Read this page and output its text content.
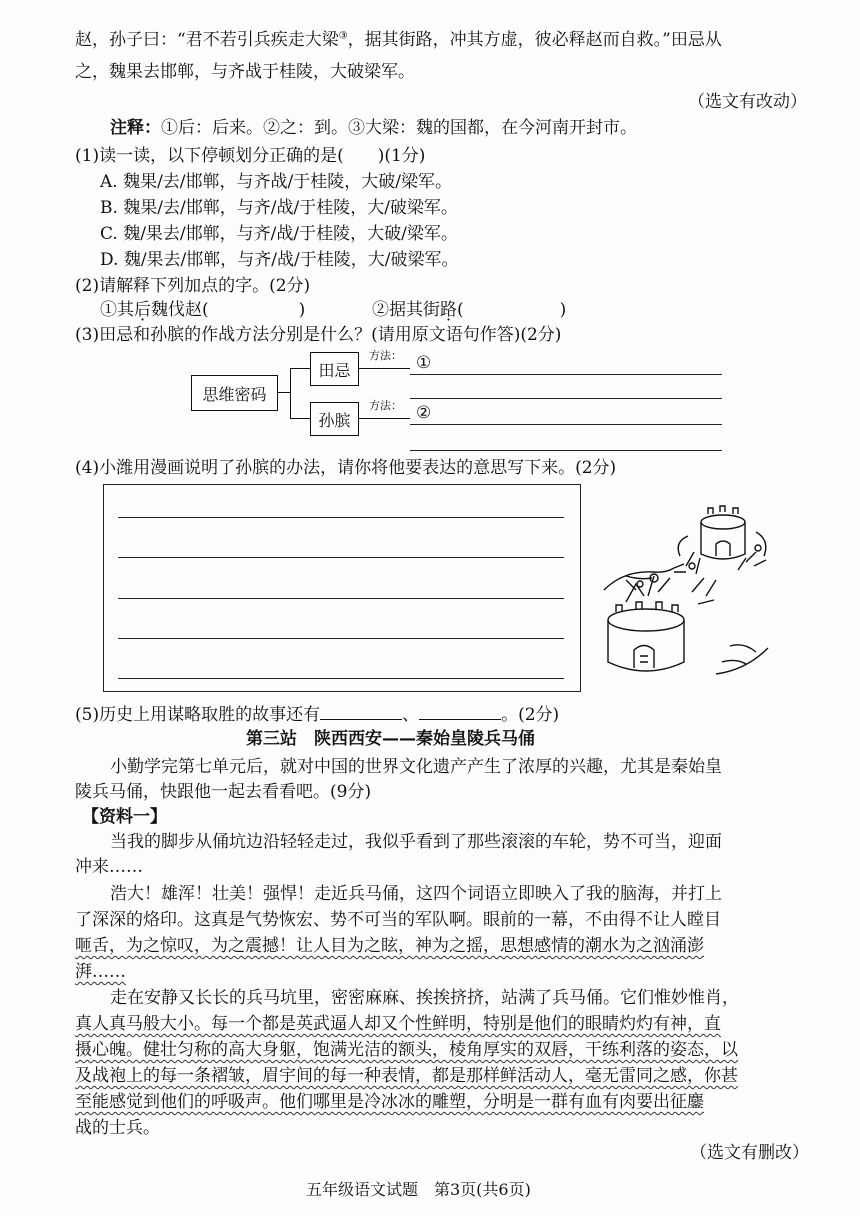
赵，孙子曰：“君不若引兵疾走大梁③，据其街路，冲其方虚，彼必释赵而自救。”田忌从
之，魏果去邯郸，与齐战于桂陵，大破梁军。
（选文有改动）
注释：①后：后来。②之：到。③大梁：魏的国都，在今河南开封市。
(1)读一读，以下停顿划分正确的是(　　)(1分)
A. 魏果/去/邯郸，与齐战/于桂陵，大破/梁军。
B. 魏果/去/邯郸，与齐/战/于桂陵，大/破梁军。
C. 魏/果去/邯郸，与齐/战/于桂陵，大破/梁军。
D. 魏/果去/邯郸，与齐/战/于桂陵，大/破梁军。
(2)请解释下列加点的字。(2分)
①其后魏伐赵(	)	②据其街路(	)
(3)田忌和孙膑的作战方法分别是什么？(请用原文语句作答)(2分)
思维密码
田忌
孙膑
方法：
方法：
①
②
(4)小潍用漫画说明了孙膑的办法，请你将他要表达的意思写下来。(2分)
(5)历史上用谋略取胜的故事还有	、	。(2分)
第三站　陕西西安——秦始皇陵兵马俑
小勤学完第七单元后，就对中国的世界文化遗产产生了浓厚的兴趣，尤其是秦始皇
陵兵马俑，快跟他一起去看看吧。(9分)
【资料一】
当我的脚步从俑坑边沿轻轻走过，我似乎看到了那些滚滚的车轮，势不可当，迎面
冲来……
浩大！雄浑！壮美！强悍！走近兵马俑，这四个词语立即映入了我的脑海，并打上
了深深的烙印。这真是气势恢宏、势不可当的军队啊。眼前的一幕，不由得不让人瞠目
咂舌，为之惊叹，为之震撼！让人目为之眩，神为之摇，思想感情的潮水为之汹涌澎
湃……
走在安静又长长的兵马坑里，密密麻麻、挨挨挤挤，站满了兵马俑。它们惟妙惟肖，
真人真马般大小。每一个都是英武逼人却又个性鲜明，特别是他们的眼睛灼灼有神，直
摄心魄。健壮匀称的高大身躯，饱满光洁的额头，棱角厚实的双唇，干练利落的姿态，以
及战袍上的每一条褶皱，眉宇间的每一种表情，都是那样鲜活动人，毫无雷同之感，你甚
至能感觉到他们的呼吸声。他们哪里是冷冰冰的雕塑，分明是一群有血有肉要出征鏖
战的士兵。
（选文有删改）
五年级语文试题　第3页(共6页)
